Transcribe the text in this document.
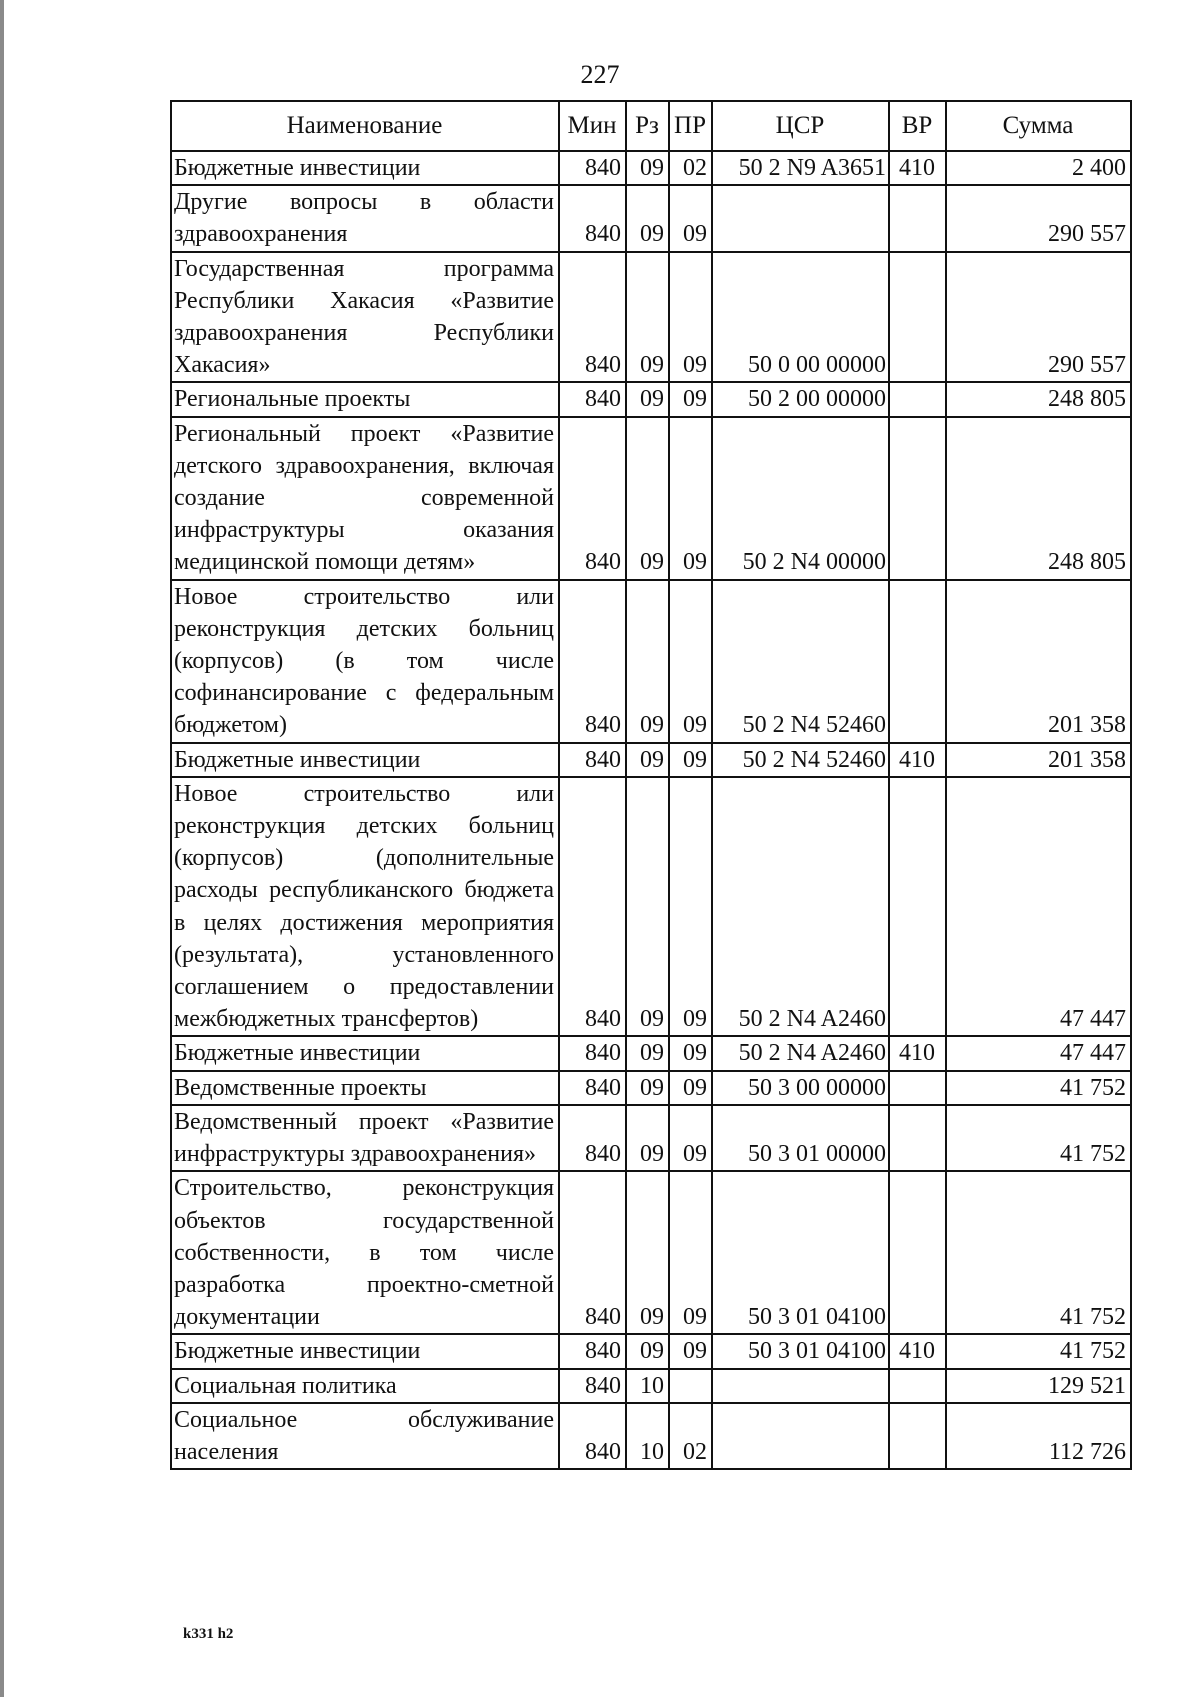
227
Наименование	Мин	Рз	ПР	ЦСР	ВР	Сумма
Бюджетные инвестиции	840	09	02	50 2 N9 A3651	410	2 400
Другие вопросы в области здравоохранения	840	09	09			290 557
Государственная программа Республики Хакасия «Развитие здравоохранения Республики Хакасия»	840	09	09	50 0 00 00000		290 557
Региональные проекты	840	09	09	50 2 00 00000		248 805
Региональный проект «Развитие детского здравоохранения, включая создание современной инфраструктуры оказания медицинской помощи детям»	840	09	09	50 2 N4 00000		248 805
Новое строительство или реконструкция детских больниц (корпусов) (в том числе софинансирование с федеральным бюджетом)	840	09	09	50 2 N4 52460		201 358
Бюджетные инвестиции	840	09	09	50 2 N4 52460	410	201 358
Новое строительство или реконструкция детских больниц (корпусов) (дополнительные расходы республиканского бюджета в целях достижения мероприятия (результата), установленного соглашением о предоставлении межбюджетных трансфертов)	840	09	09	50 2 N4 A2460		47 447
Бюджетные инвестиции	840	09	09	50 2 N4 A2460	410	47 447
Ведомственные проекты	840	09	09	50 3 00 00000		41 752
Ведомственный проект «Развитие инфраструктуры здравоохранения»	840	09	09	50 3 01 00000		41 752
Строительство, реконструкция объектов государственной собственности, в том числе разработка проектно-сметной документации	840	09	09	50 3 01 04100		41 752
Бюджетные инвестиции	840	09	09	50 3 01 04100	410	41 752
Социальная политика	840	10				129 521
Социальное обслуживание населения	840	10	02			112 726
k331 h2
